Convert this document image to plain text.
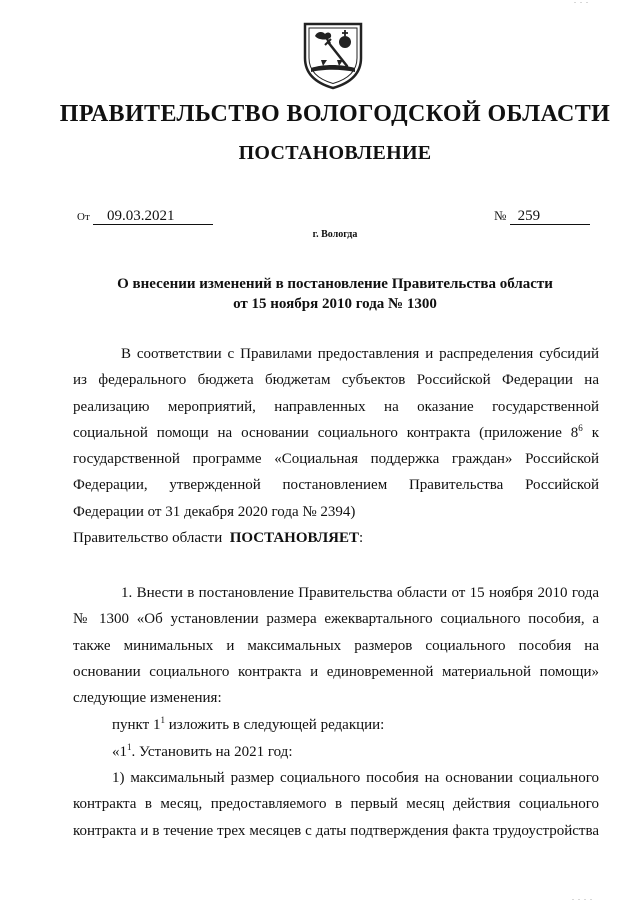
. . .
ПРАВИТЕЛЬСТВО ВОЛОГОДСКОЙ ОБЛАСТИ
ПОСТАНОВЛЕНИЕ
От 09.03.2021	№ 259
г. Вологда
О внесении изменений в постановление Правительства области
от 15 ноября 2010 года № 1300

В соответствии с Правилами предоставления и распределения субсидий из федерального бюджета бюджетам субъектов Российской Федерации на реализацию мероприятий, направленных на оказание государственной социальной помощи на основании социального контракта (приложение $8^6$ к государственной программе «Социальная поддержка граждан» Российской Федерации, утвержденной постановлением Правительства Российской Федерации от 31 декабря 2020 года № 2394)

Правительство области ПОСТАНОВЛЯЕТ:

1. Внести в постановление Правительства области от 15 ноября 2010 года № 1300 «Об установлении размера ежеквартального социального пособия, а также минимальных и максимальных размеров социального пособия на основании социального контракта и единовременной материальной помощи» следующие изменения:

пункт $1^1$ изложить в следующей редакции:

«$1^1$. Установить на 2021 год:

1) максимальный размер социального пособия на основании социального контракта в месяц, предоставляемого в первый месяц действия социального контракта и в течение трех месяцев с даты подтверждения факта трудоустройства

. . . .
